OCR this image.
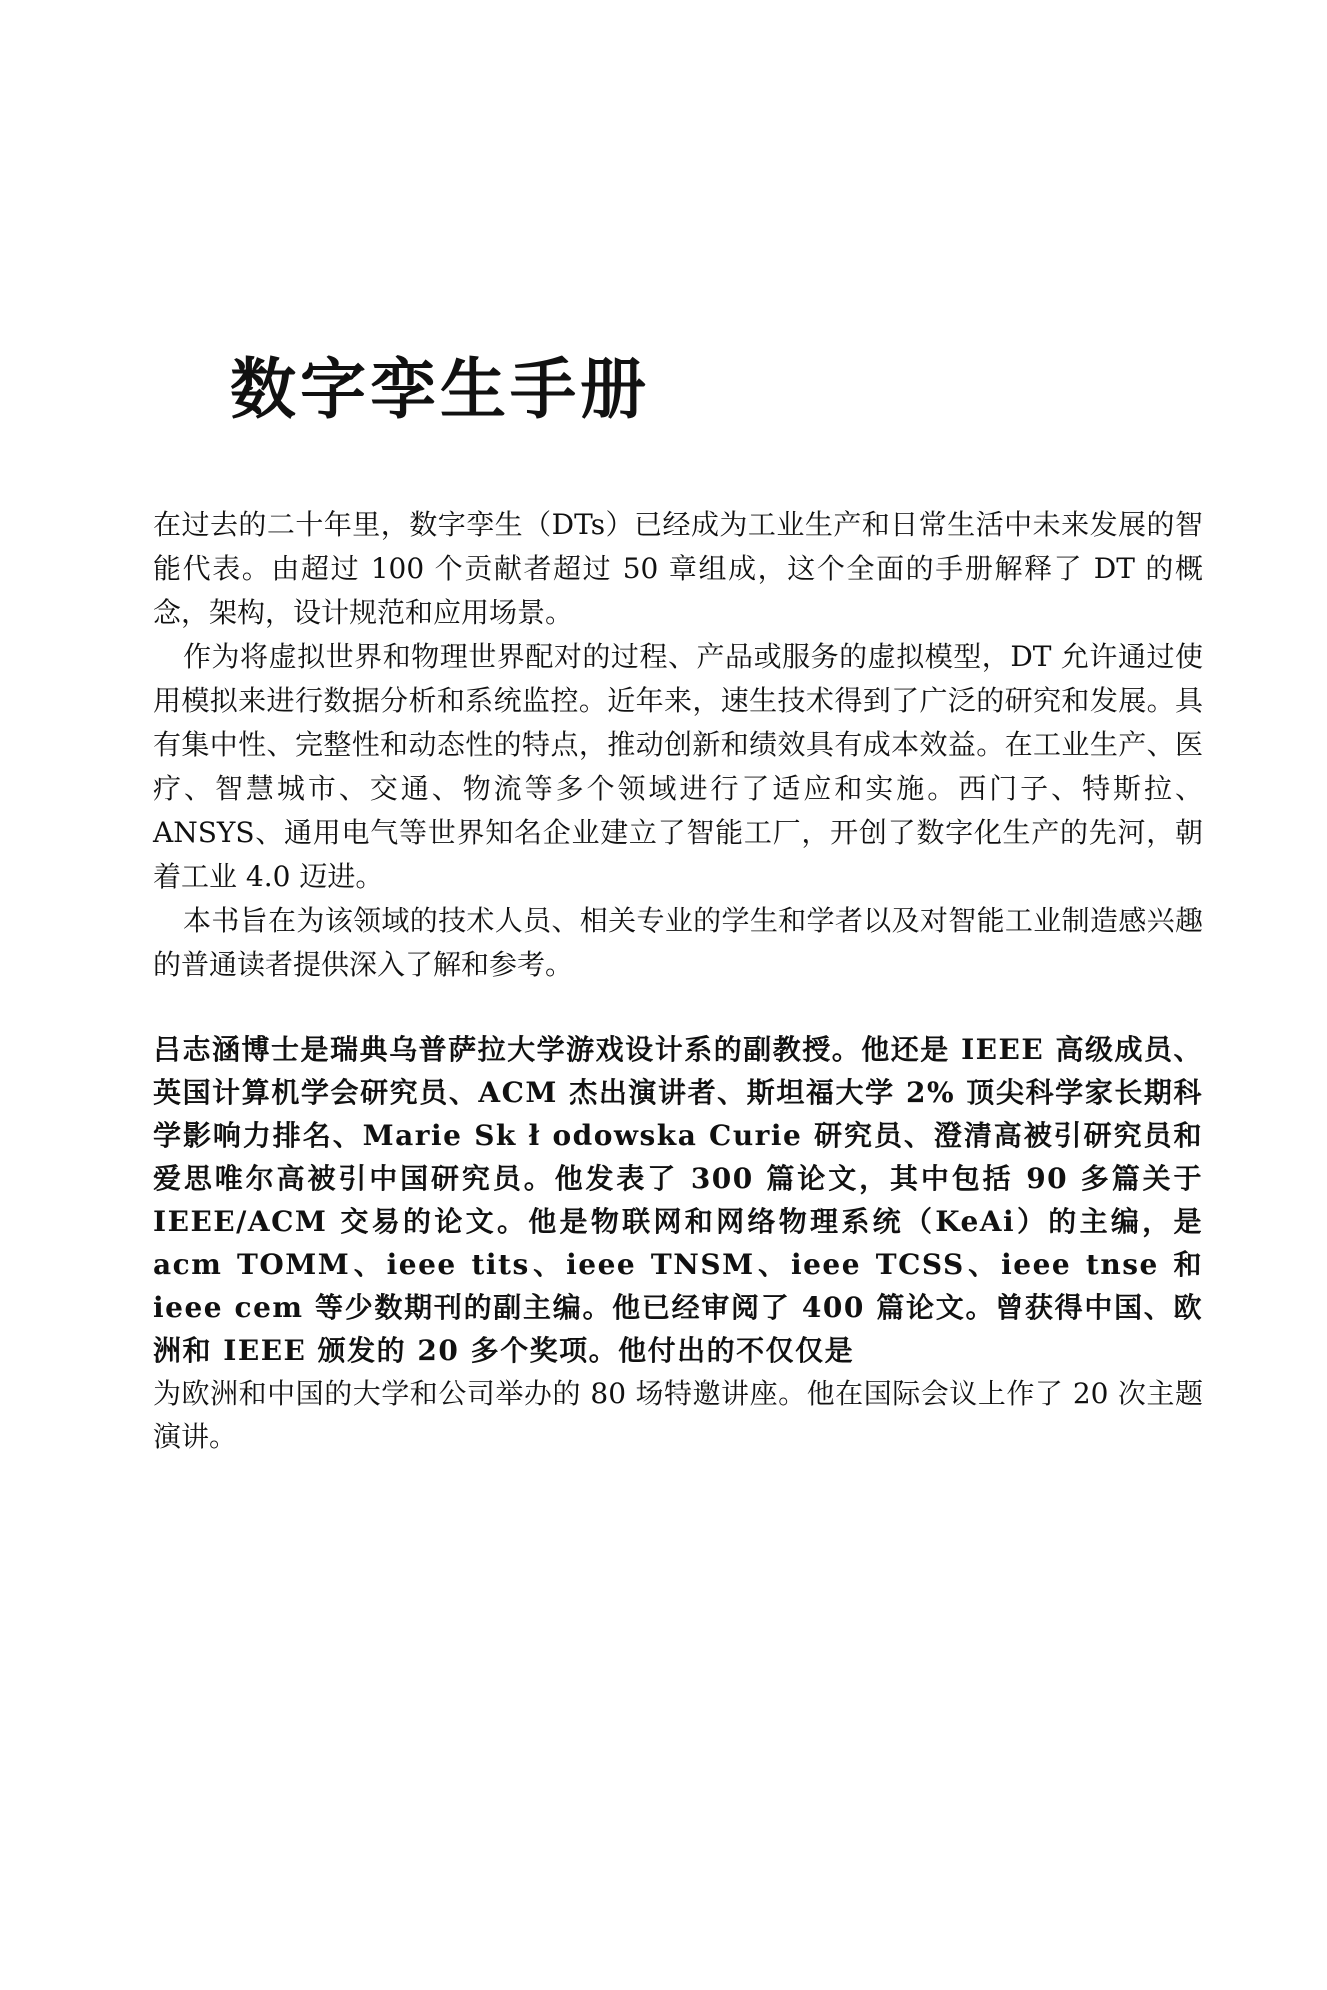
数字孪生手册

在过去的二十年里，数字孪生（DTs）已经成为工业生产和日常生活中未来发展的智能代表。由超过 100 个贡献者超过 50 章组成，这个全面的手册解释了 DT 的概念，架构，设计规范和应用场景。

作为将虚拟世界和物理世界配对的过程、产品或服务的虚拟模型，DT 允许通过使用模拟来进行数据分析和系统监控。近年来，速生技术得到了广泛的研究和发展。具有集中性、完整性和动态性的特点，推动创新和绩效具有成本效益。在工业生产、医疗、智慧城市、交通、物流等多个领域进行了适应和实施。西门子、特斯拉、ANSYS、通用电气等世界知名企业建立了智能工厂，开创了数字化生产的先河，朝着工业 4.0 迈进。

本书旨在为该领域的技术人员、相关专业的学生和学者以及对智能工业制造感兴趣的普通读者提供深入了解和参考。

吕志涵博士是瑞典乌普萨拉大学游戏设计系的副教授。他还是 IEEE 高级成员、英国计算机学会研究员、ACM 杰出演讲者、斯坦福大学 2% 顶尖科学家长期科学影响力排名、Marie Sk ł odowska Curie 研究员、澄清高被引研究员和爱思唯尔高被引中国研究员。他发表了 300 篇论文，其中包括 90 多篇关于 IEEE/ACM 交易的论文。他是物联网和网络物理系统（KeAi）的主编，是 acm TOMM、ieee tits、ieee TNSM、ieee TCSS、ieee tnse 和 ieee cem 等少数期刊的副主编。他已经审阅了 400 篇论文。曾获得中国、欧洲和 IEEE 颁发的 20 多个奖项。他付出的不仅仅是

为欧洲和中国的大学和公司举办的 80 场特邀讲座。他在国际会议上作了 20 次主题演讲。
